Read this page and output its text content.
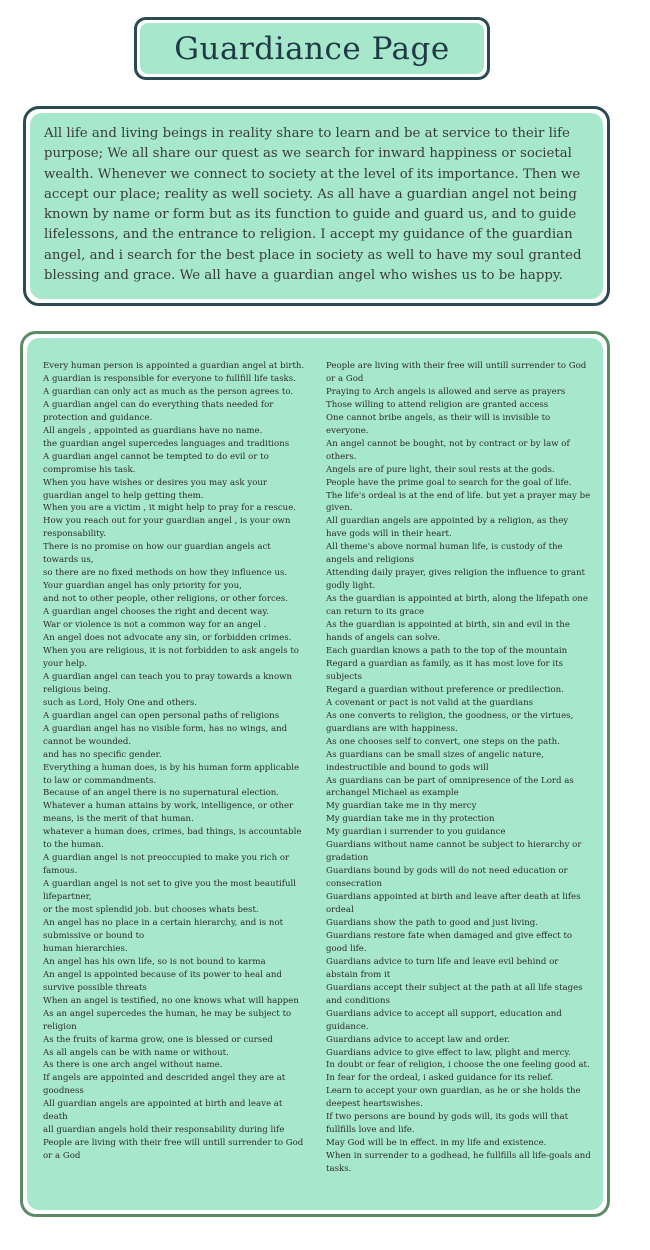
Guardiance Page
All life and living beings in reality share to learn and be at service to their life purpose; We all share our quest as we search for inward happiness or societal wealth. Whenever we connect to society at the level of its importance. Then we accept our place; reality as well society. As all have a guardian angel not being known by name or form but as its function to guide and guard us, and to guide lifelessons, and the entrance to religion. I accept my guidance of the guardian angel, and i search for the best place in society as well to have my soul granted blessing and grace. We all have a guardian angel who wishes us to be happy.
Every human person is appointed a guardian angel at birth.
A guardian is responsible for everyone to fullfill life tasks.
A guardian can only act as much as the person agrees to.
A guardian angel can do everything thats needed for protection and guidance.
All angels , appointed as guardians have no name.
the guardian angel supercedes languages and traditions
A guardian angel cannot be tempted to do evil or to compromise his task.
When you have wishes or desires you may ask your guardian angel to help getting them.
When you are a victim , it might help to pray for a rescue.
How you reach out for your guardian angel , is your own responsability.
There is no promise on how our guardian angels act towards us,
so there are no fixed methods on how they influence us.
Your guardian angel has only priority for you,
and not to other people, other religions, or other forces.
A guardian angel chooses the right and decent way.
War or violence is not a common way for an angel .
An angel does not advocate any sin, or forbidden crimes.
When you are religious, it is not forbidden to ask angels to your help.
A guardian angel can teach you to pray towards a known religious being.
such as Lord, Holy One and others.
A guardian angel can open personal paths of religions
A guardian angel has no visible form, has no wings, and cannot be wounded.
and has no specific gender.
Everything a human does, is by his human form applicable to law or commandments.
Because of an angel there is no supernatural election.
Whatever a human attains by work, intelligence, or other means, is the merit of that human.
whatever a human does, crimes, bad things, is accountable to the human.
A guardian angel is not preoccupied to make you rich or famous.
A guardian angel is not set to give you the most beautifull lifepartner,
or the most splendid job. but chooses whats best.
An angel has no place in a certain hierarchy, and is not submissive or bound to
human hierarchies.
An angel has his own life, so is not bound to karma
An angel is appointed because of its power to heal and survive possible threats
When an angel is testified, no one knows what will happen
As an angel supercedes the human, he may be subject to religion
As the fruits of karma grow, one is blessed or cursed
As all angels can be with name or without.
As there is one arch angel without name.
If angels are appointed and descrided angel they are at goodness
All guardian angels are appointed at birth and leave at death
all guardian angels hold their responsability during life
People are living with their free will untill surrender to God or a God
People are living with their free will untill surrender to God or a God
Praying to Arch angels is allowed and serve as prayers
Those willing to attend religion are granted access
One cannot bribe angels, as their will is invisible to everyone.
An angel cannot be bought, not by contract or by law of others.
Angels are of pure light, their soul rests at the gods.
People have the prime goal to search for the goal of life.
The life's ordeal is at the end of life. but yet a prayer may be given.
All guardian angels are appointed by a religion, as they have gods will in their heart.
All theme's above normal human life, is custody of the angels and religions
Attending daily prayer, gives religion the influence to grant godly light.
As the guardian is appointed at birth, along the lifepath one can return to its grace
As the guardian is appointed at birth, sin and evil in the hands of angels can solve.
Each guardian knows a path to the top of the mountain
Regard a guardian as family, as it has most love for its subjects
Regard a guardian without preference or predilection.
A covenant or pact is not valid at the guardians
As one converts to religion, the goodness, or the virtues, guardians are with happiness.
As one chooses self to convert, one steps on the path.
As guardians can be small sizes of angelic nature, indestructible and bound to gods will
As guardians can be part of omnipresence of the Lord as archangel Michael as example
My guardian take me in thy mercy
My guardian take me in thy protection
My guardian i surrender to you guidance
Guardians without name cannot be subject to hierarchy or gradation
Guardians bound by gods will do not need education or consecration
Guardians appointed at birth and leave after death at lifes ordeal
Guardians show the path to good and just living.
Guardians restore fate when damaged and give effect to good life.
Guardians advice to turn life and leave evil behind or abstain from it
Guardians accept their subject at the path at all life stages and conditions
Guardians advice to accept all support, education and guidance.
Guardians advice to accept law and order.
Guardians advice to give effect to law, plight and mercy.
In doubt or fear of religion, i choose the one feeling good at.
In fear for the ordeal, i asked guidance for its relief.
Learn to accept your own guardian, as he or she holds the deepest heartswishes.
If two persons are bound by gods will, its gods will that fullfills love and life.
May God will be in effect. in my life and existence.
When in surrender to a godhead, he fullfills all life-goals and tasks.
